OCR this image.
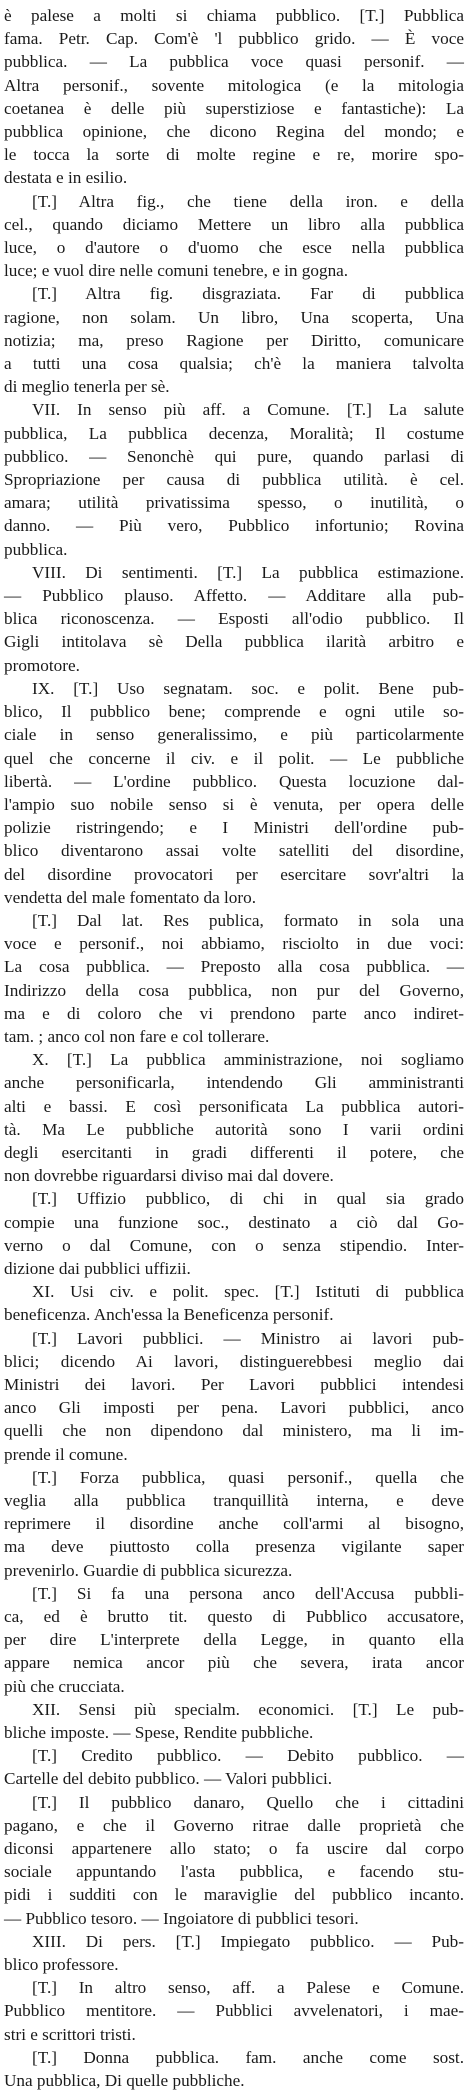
è palese a molti si chiama pubblico. [T.] Pubblica
fama. Petr. Cap. Com'è 'l pubblico grido. — È voce
pubblica. — La pubblica voce quasi personif. —
Altra personif., sovente mitologica (e la mitologia
coetanea è delle più superstiziose e fantastiche): La
pubblica opinione, che dicono Regina del mondo; e
le tocca la sorte di molte regine e re, morire spo-
destata e in esilio.
[T.] Altra fig., che tiene della iron. e della
cel., quando diciamo Mettere un libro alla pubblica
luce, o d'autore o d'uomo che esce nella pubblica
luce; e vuol dire nelle comuni tenebre, e in gogna.
[T.] Altra fig. disgraziata. Far di pubblica
ragione, non solam. Un libro, Una scoperta, Una
notizia; ma, preso Ragione per Diritto, comunicare
a tutti una cosa qualsia; ch'è la maniera talvolta
di meglio tenerla per sè.
VII. In senso più aff. a Comune. [T.] La salute
pubblica, La pubblica decenza, Moralità; Il costume
pubblico. — Senonchè qui pure, quando parlasi di
Spropriazione per causa di pubblica utilità. è cel.
amara; utilità privatissima spesso, o inutilità, o
danno. — Più vero, Pubblico infortunio; Rovina
pubblica.
VIII. Di sentimenti. [T.] La pubblica estimazione.
— Pubblico plauso. Affetto. — Additare alla pub-
blica riconoscenza. — Esposti all'odio pubblico. Il
Gigli intitolava sè Della pubblica ilarità arbitro e
promotore.
IX. [T.] Uso segnatam. soc. e polit. Bene pub-
blico, Il pubblico bene; comprende e ogni utile so-
ciale in senso generalissimo, e più particolarmente
quel che concerne il civ. e il polit. — Le pubbliche
libertà. — L'ordine pubblico. Questa locuzione dal-
l'ampio suo nobile senso si è venuta, per opera delle
polizie ristringendo; e I Ministri dell'ordine pub-
blico diventarono assai volte satelliti del disordine,
del disordine provocatori per esercitare sovr'altri la
vendetta del male fomentato da loro.
[T.] Dal lat. Res publica, formato in sola una
voce e personif., noi abbiamo, risciolto in due voci:
La cosa pubblica. — Preposto alla cosa pubblica. —
Indirizzo della cosa pubblica, non pur del Governo,
ma e di coloro che vi prendono parte anco indiret-
tam. ; anco col non fare e col tollerare.
X. [T.] La pubblica amministrazione, noi sogliamo
anche personificarla, intendendo Gli amministranti
alti e bassi. E così personificata La pubblica autori-
tà. Ma Le pubbliche autorità sono I varii ordini
degli esercitanti in gradi differenti il potere, che
non dovrebbe riguardarsi diviso mai dal dovere.
[T.] Uffizio pubblico, di chi in qual sia grado
compie una funzione soc., destinato a ciò dal Go-
verno o dal Comune, con o senza stipendio. Inter-
dizione dai pubblici uffizii.
XI. Usi civ. e polit. spec. [T.] Istituti di pubblica
beneficenza. Anch'essa la Beneficenza personif.
[T.] Lavori pubblici. — Ministro ai lavori pub-
blici; dicendo Ai lavori, distinguerebbesi meglio dai
Ministri dei lavori. Per Lavori pubblici intendesi
anco Gli imposti per pena. Lavori pubblici, anco
quelli che non dipendono dal ministero, ma li im-
prende il comune.
[T.] Forza pubblica, quasi personif., quella che
veglia alla pubblica tranquillità interna, e deve
reprimere il disordine anche coll'armi al bisogno,
ma deve piuttosto colla presenza vigilante saper
prevenirlo. Guardie di pubblica sicurezza.
[T.] Si fa una persona anco dell'Accusa pubbli-
ca, ed è brutto tit. questo di Pubblico accusatore,
per dire L'interprete della Legge, in quanto ella
appare nemica ancor più che severa, irata ancor
più che crucciata.
XII. Sensi più specialm. economici. [T.] Le pub-
bliche imposte. — Spese, Rendite pubbliche.
[T.] Credito pubblico. — Debito pubblico. —
Cartelle del debito pubblico. — Valori pubblici.
[T.] Il pubblico danaro, Quello che i cittadini
pagano, e che il Governo ritrae dalle proprietà che
diconsi appartenere allo stato; o fa uscire dal corpo
sociale appuntando l'asta pubblica, e facendo stu-
pidi i sudditi con le maraviglie del pubblico incanto.
— Pubblico tesoro. — Ingoiatore di pubblici tesori.
XIII. Di pers. [T.] Impiegato pubblico. — Pub-
blico professore.
[T.] In altro senso, aff. a Palese e Comune.
Pubblico mentitore. — Pubblici avvelenatori, i mae-
stri e scrittori tristi.
[T.] Donna pubblica. fam. anche come sost.
Una pubblica, Di quelle pubbliche.
